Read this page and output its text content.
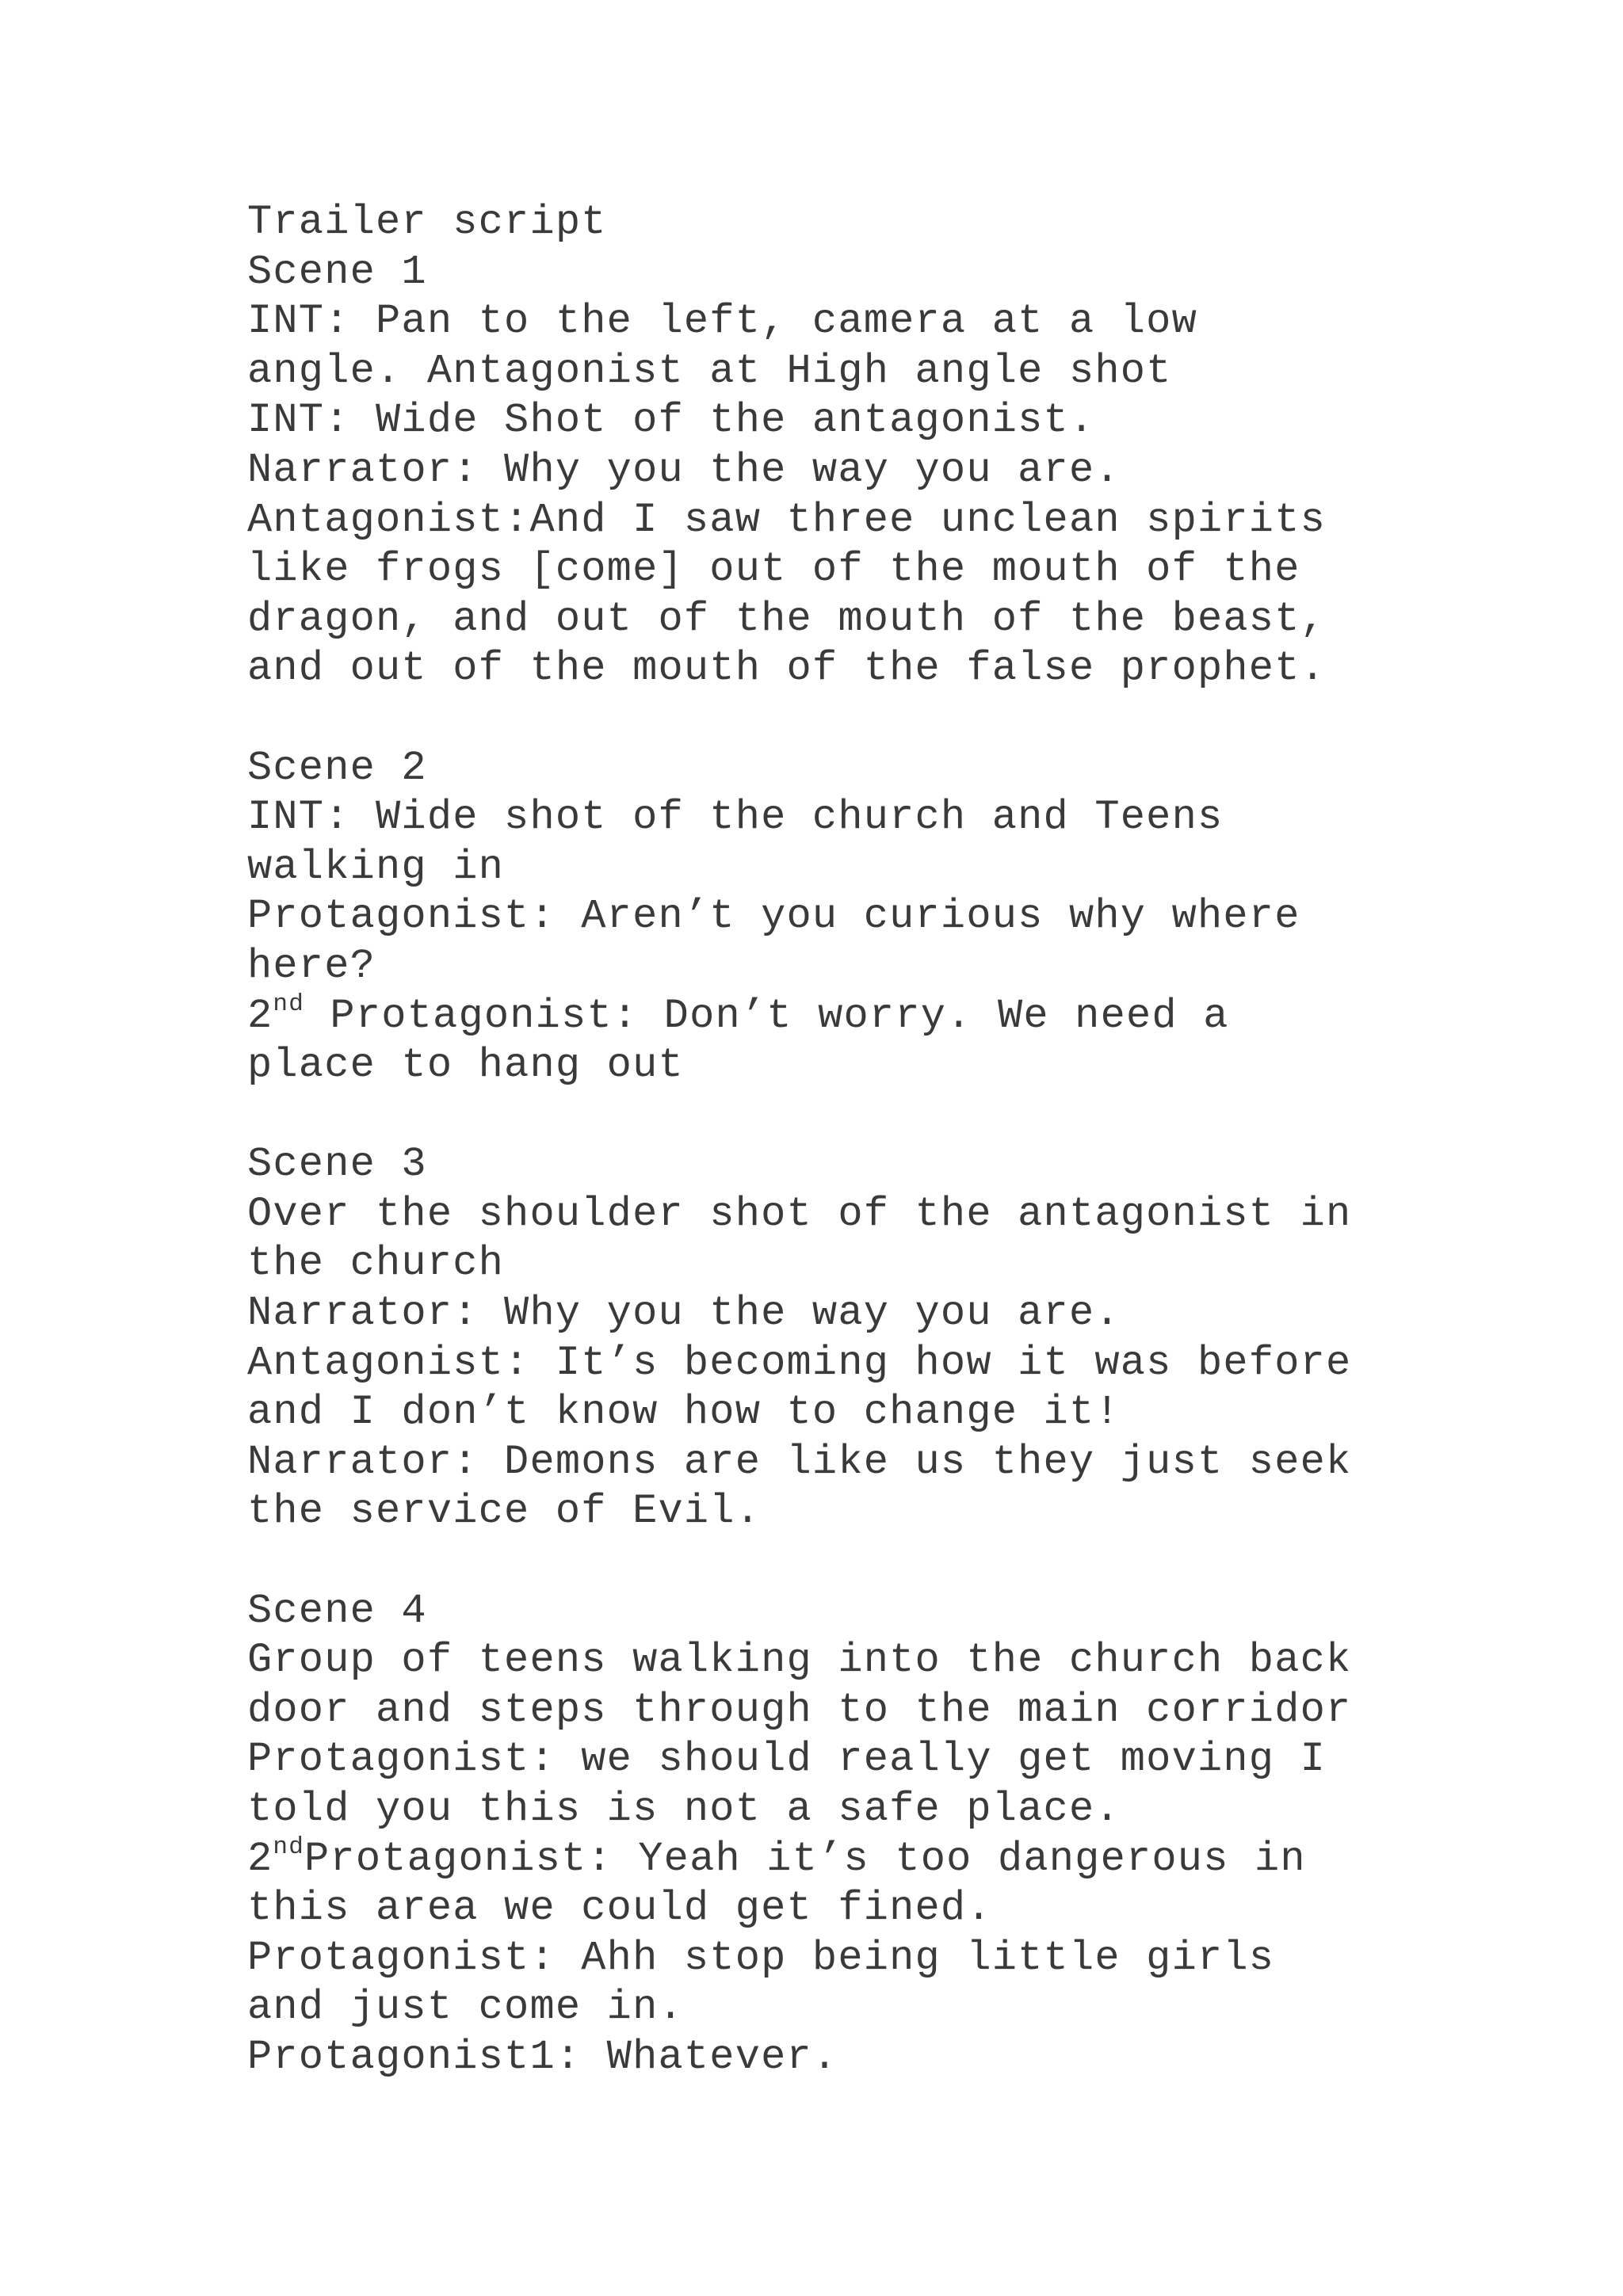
Trailer script
Scene 1
INT: Pan to the left, camera at a low
angle. Antagonist at High angle shot
INT: Wide Shot of the antagonist.
Narrator: Why you the way you are.
Antagonist:And I saw three unclean spirits
like frogs [come] out of the mouth of the
dragon, and out of the mouth of the beast,
and out of the mouth of the false prophet.
Scene 2
INT: Wide shot of the church and Teens
walking in
Protagonist: Aren’t you curious why where
here?
2nd Protagonist: Don’t worry. We need a
place to hang out
Scene 3
Over the shoulder shot of the antagonist in
the church
Narrator: Why you the way you are.
Antagonist: It’s becoming how it was before
and I don’t know how to change it!
Narrator: Demons are like us they just seek
the service of Evil.
Scene 4
Group of teens walking into the church back
door and steps through to the main corridor
Protagonist: we should really get moving I
told you this is not a safe place.
2ndProtagonist: Yeah it’s too dangerous in
this area we could get fined.
Protagonist: Ahh stop being little girls
and just come in.
Protagonist1: Whatever.
